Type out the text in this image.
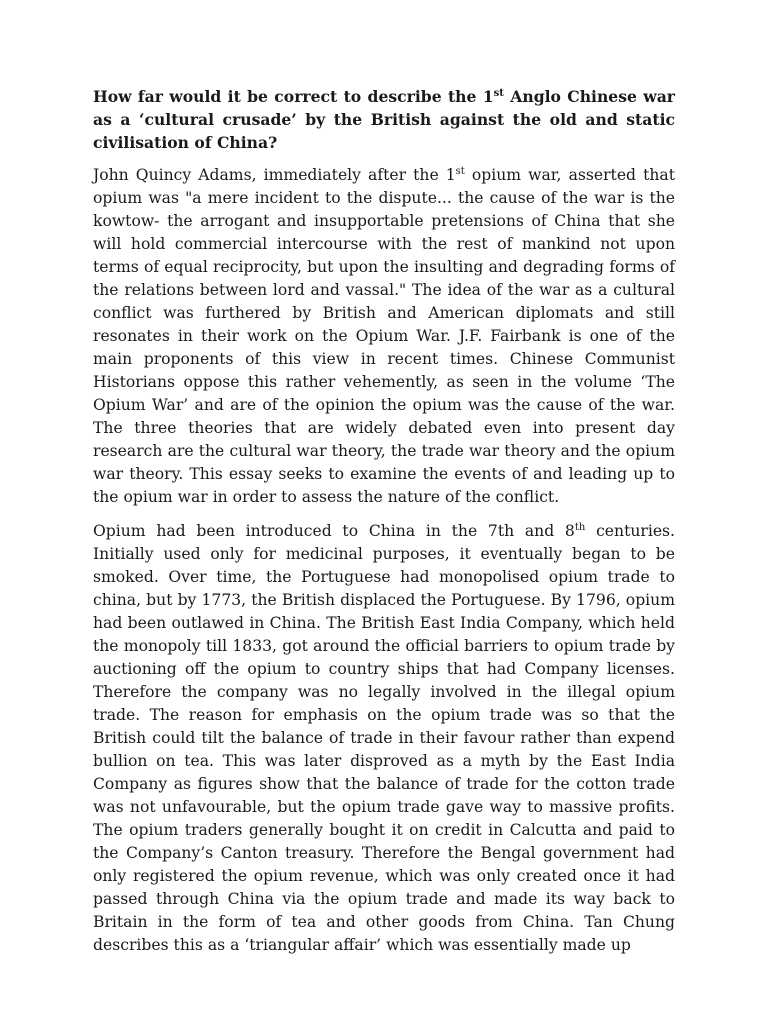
How far would it be correct to describe the 1st Anglo Chinese war as a ‘cultural crusade’ by the British against the old and static civilisation of China?

John Quincy Adams, immediately after the 1st opium war, asserted that opium was "a mere incident to the dispute... the cause of the war is the kowtow- the arrogant and insupportable pretensions of China that she will hold commercial intercourse with the rest of mankind not upon terms of equal reciprocity, but upon the insulting and degrading forms of the relations between lord and vassal." The idea of the war as a cultural conflict was furthered by British and American diplomats and still resonates in their work on the Opium War. J.F. Fairbank is one of the main proponents of this view in recent times. Chinese Communist Historians oppose this rather vehemently, as seen in the volume ‘The Opium War’ and are of the opinion the opium was the cause of the war. The three theories that are widely debated even into present day research are the cultural war theory, the trade war theory and the opium war theory. This essay seeks to examine the events of and leading up to the opium war in order to assess the nature of the conflict.

Opium had been introduced to China in the 7th and 8th centuries. Initially used only for medicinal purposes, it eventually began to be smoked. Over time, the Portuguese had monopolised opium trade to china, but by 1773, the British displaced the Portuguese. By 1796, opium had been outlawed in China. The British East India Company, which held the monopoly till 1833, got around the official barriers to opium trade by auctioning off the opium to country ships that had Company licenses. Therefore the company was no legally involved in the illegal opium trade. The reason for emphasis on the opium trade was so that the British could tilt the balance of trade in their favour rather than expend bullion on tea. This was later disproved as a myth by the East India Company as figures show that the balance of trade for the cotton trade was not unfavourable, but the opium trade gave way to massive profits. The opium traders generally bought it on credit in Calcutta and paid to the Company’s Canton treasury. Therefore the Bengal government had only registered the opium revenue, which was only created once it had passed through China via the opium trade and made its way back to Britain in the form of tea and other goods from China. Tan Chung describes this as a ‘triangular affair’ which was essentially made up
